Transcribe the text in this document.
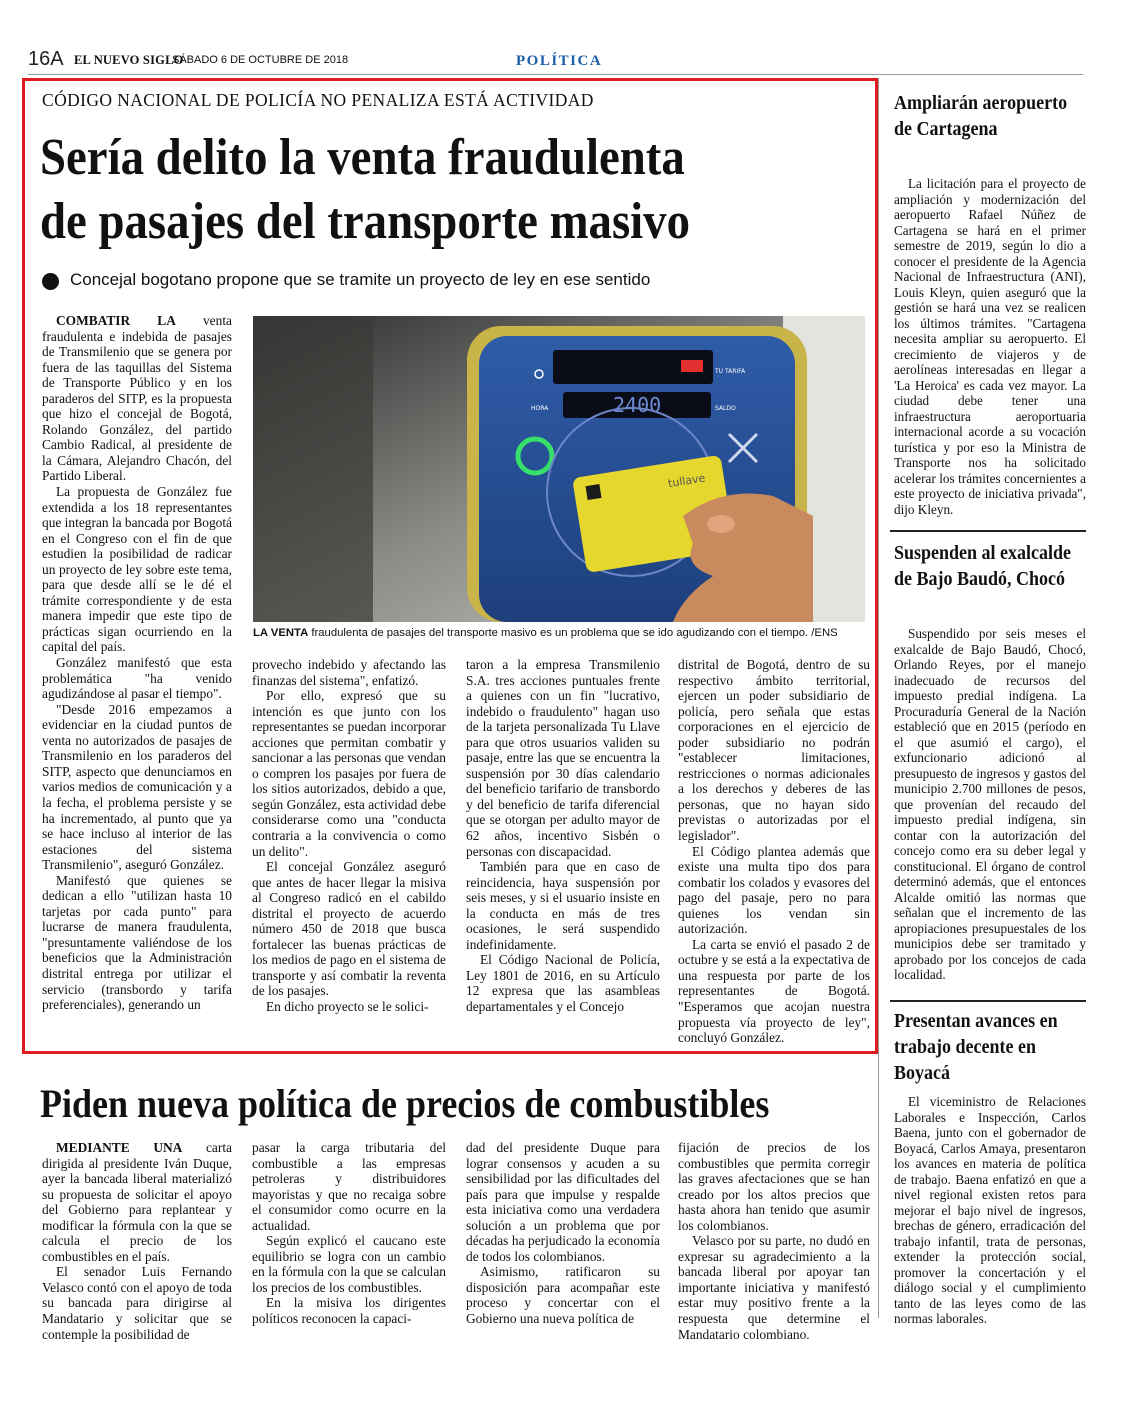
16A EL NUEVO SIGLO
SÁBADO 6 DE OCTUBRE DE 2018	POLÍTICA
CÓDIGO NACIONAL DE POLICÍA NO PENALIZA ESTÁ ACTIVIDAD
Sería delito la venta fraudulenta
de pasajes del transporte masivo
Concejal bogotano propone que se tramite un proyecto de ley en ese sentido

COMBATIR LA venta fraudulenta e indebida de pasajes de Transmilenio que se genera por fuera de las taquillas del Sistema de Transporte Público y en los paraderos del SITP, es la propuesta que hizo el concejal de Bogotá, Rolando González, del partido Cambio Radical, al presidente de la Cámara, Alejandro Chacón, del Partido Liberal.

La propuesta de González fue extendida a los 18 representantes que integran la bancada por Bogotá en el Congreso con el fin de que estudien la posibilidad de radicar un proyecto de ley sobre este tema, para que desde allí se le dé el trámite correspondiente y de esta manera impedir que este tipo de prácticas sigan ocurriendo en la capital del país.

González manifestó que esta problemática "ha venido agudizándose al pasar el tiempo".

"Desde 2016 empezamos a evidenciar en la ciudad puntos de venta no autorizados de pasajes de Transmilenio en los paraderos del SITP, aspecto que denunciamos en varios medios de comunicación y a la fecha, el problema persiste y se ha incrementado, al punto que ya se hace incluso al interior de las estaciones del sistema Transmilenio", aseguró González.

Manifestó que quienes se dedican a ello "utilizan hasta 10 tarjetas por cada punto" para lucrarse de manera fraudulenta, "presuntamente valiéndose de los beneficios que la Administración distrital entrega por utilizar el servicio (transbordo y tarifa preferenciales), generando un

TU TARIFA
2400
HORA	SALDO
tullave
LA VENTA fraudulenta de pasajes del transporte masivo es un problema que se ido agudizando con el tiempo. /ENS

provecho indebido y afectando las finanzas del sistema", enfatizó.

Por ello, expresó que su intención es que junto con los representantes se puedan incorporar acciones que permitan combatir y sancionar a las personas que vendan o compren los pasajes por fuera de los sitios autorizados, debido a que, según González, esta actividad debe considerarse como una "conducta contraria a la convivencia o como un delito".

El concejal González aseguró que antes de hacer llegar la misiva al Congreso radicó en el cabildo distrital el proyecto de acuerdo número 450 de 2018 que busca fortalecer las buenas prácticas de los medios de pago en el sistema de transporte y así combatir la reventa de los pasajes.

En dicho proyecto se le solici-

taron a la empresa Transmilenio S.A. tres acciones puntuales frente a quienes con un fin "lucrativo, indebido o fraudulento" hagan uso de la tarjeta personalizada Tu Llave para que otros usuarios validen su pasaje, entre las que se encuentra la suspensión por 30 días calendario del beneficio tarifario de transbordo y del beneficio de tarifa diferencial que se otorgan per adulto mayor de 62 años, incentivo Sisbén o personas con discapacidad.

También para que en caso de reincidencia, haya suspensión por seis meses, y si el usuario insiste en la conducta en más de tres ocasiones, le será suspendido indefinidamente.

El Código Nacional de Policía, Ley 1801 de 2016, en su Artículo 12 expresa que las asambleas departamentales y el Concejo

distrital de Bogotá, dentro de su respectivo ámbito territorial, ejercen un poder subsidiario de policía, pero señala que estas corporaciones en el ejercicio de poder subsidiario no podrán "establecer limitaciones, restricciones o normas adicionales a los derechos y deberes de las personas, que no hayan sido previstas o autorizadas por el legislador".

El Código plantea además que existe una multa tipo dos para combatir los colados y evasores del pago del pasaje, pero no para quienes los vendan sin autorización.

La carta se envió el pasado 2 de octubre y se está a la expectativa de una respuesta por parte de los representantes de Bogotá. "Esperamos que acojan nuestra propuesta vía proyecto de ley", concluyó González.

Piden nueva política de precios de combustibles

MEDIANTE UNA carta dirigida al presidente Iván Duque, ayer la bancada liberal materializó su propuesta de solicitar el apoyo del Gobierno para replantear y modificar la fórmula con la que se calcula el precio de los combustibles en el país.

El senador Luis Fernando Velasco contó con el apoyo de toda su bancada para dirigirse al Mandatario y solicitar que se contemple la posibilidad de

pasar la carga tributaria del combustible a las empresas petroleras y distribuidores mayoristas y que no recaiga sobre el consumidor como ocurre en la actualidad.

Según explicó el caucano este equilibrio se logra con un cambio en la fórmula con la que se calculan los precios de los combustibles.

En la misiva los dirigentes políticos reconocen la capaci-

dad del presidente Duque para lograr consensos y acuden a su sensibilidad por las dificultades del país para que impulse y respalde esta iniciativa como una verdadera solución a un problema que por décadas ha perjudicado la economía de todos los colombianos.

Asimismo, ratificaron su disposición para acompañar este proceso y concertar con el Gobierno una nueva política de

fijación de precios de los combustibles que permita corregir las graves afectaciones que se han creado por los altos precios que hasta ahora han tenido que asumir los colombianos.

Velasco por su parte, no dudó en expresar su agradecimiento a la bancada liberal por apoyar tan importante iniciativa y manifestó estar muy positivo frente a la respuesta que determine el Mandatario colombiano.

Ampliarán aeropuerto de Cartagena

La licitación para el proyecto de ampliación y modernización del aeropuerto Rafael Núñez de Cartagena se hará en el primer semestre de 2019, según lo dio a conocer el presidente de la Agencia Nacional de Infraestructura (ANI), Louis Kleyn, quien aseguró que la gestión se hará una vez se realicen los últimos trámites. "Cartagena necesita ampliar su aeropuerto. El crecimiento de viajeros y de aerolíneas interesadas en llegar a 'La Heroica' es cada vez mayor. La ciudad debe tener una infraestructura aeroportuaria internacional acorde a su vocación turística y por eso la Ministra de Transporte nos ha solicitado acelerar los trámites concernientes a este proyecto de iniciativa privada", dijo Kleyn.

Suspenden al exalcalde de Bajo Baudó, Chocó

Suspendido por seis meses el exalcalde de Bajo Baudó, Chocó, Orlando Reyes, por el manejo inadecuado de recursos del impuesto predial indígena. La Procuraduría General de la Nación estableció que en 2015 (período en el que asumió el cargo), el exfuncionario adicionó al presupuesto de ingresos y gastos del municipio 2.700 millones de pesos, que provenían del recaudo del impuesto predial indígena, sin contar con la autorización del concejo como era su deber legal y constitucional. El órgano de control determinó además, que el entonces Alcalde omitió las normas que señalan que el incremento de las apropiaciones presupuestales de los municipios debe ser tramitado y aprobado por los concejos de cada localidad.

Presentan avances en trabajo decente en Boyacá

El viceministro de Relaciones Laborales e Inspección, Carlos Baena, junto con el gobernador de Boyacá, Carlos Amaya, presentaron los avances en materia de política de trabajo. Baena enfatizó en que a nivel regional existen retos para mejorar el bajo nivel de ingresos, brechas de género, erradicación del trabajo infantil, trata de personas, extender la protección social, promover la concertación y el diálogo social y el cumplimiento tanto de las leyes como de las normas laborales.
